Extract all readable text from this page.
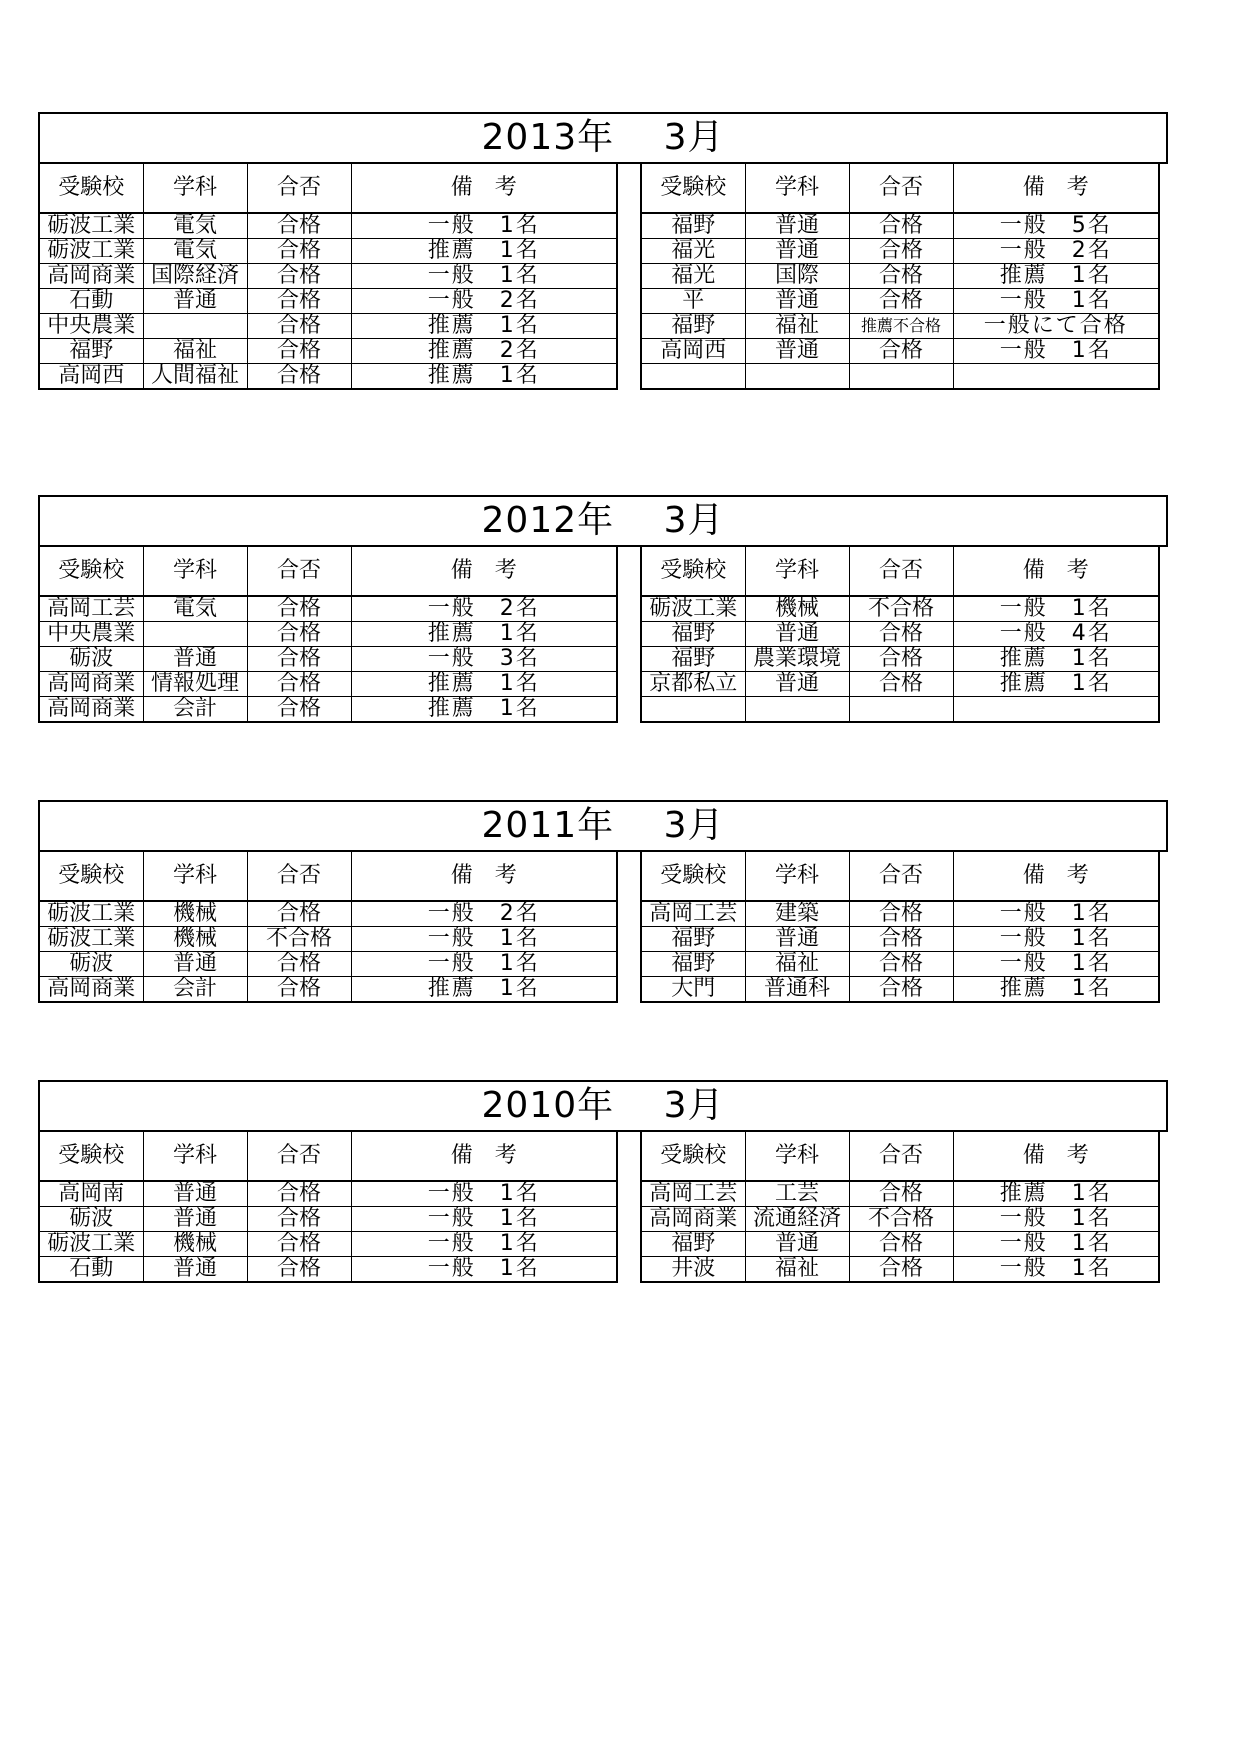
2013年　 3月
受験校	学科	合否	備　考
砺波工業	電気	合格	一般　1名
砺波工業	電気	合格	推薦　1名
高岡商業	国際経済	合格	一般　1名
石動	普通	合格	一般　2名
中央農業		合格	推薦　1名
福野	福祉	合格	推薦　2名
高岡西	人間福祉	合格	推薦　1名
受験校	学科	合否	備　考
福野	普通	合格	一般　5名
福光	普通	合格	一般　2名
福光	国際	合格	推薦　1名
平	普通	合格	一般　1名
福野	福祉	推薦不合格	一般にて合格
高岡西	普通	合格	一般　1名

2012年　 3月
受験校	学科	合否	備　考
高岡工芸	電気	合格	一般　2名
中央農業		合格	推薦　1名
砺波	普通	合格	一般　3名
高岡商業	情報処理	合格	推薦　1名
高岡商業	会計	合格	推薦　1名
受験校	学科	合否	備　考
砺波工業	機械	不合格	一般　1名
福野	普通	合格	一般　4名
福野	農業環境	合格	推薦　1名
京都私立	普通	合格	推薦　1名

2011年　 3月
受験校	学科	合否	備　考
砺波工業	機械	合格	一般　2名
砺波工業	機械	不合格	一般　1名
砺波	普通	合格	一般　1名
高岡商業	会計	合格	推薦　1名
受験校	学科	合否	備　考
高岡工芸	建築	合格	一般　1名
福野	普通	合格	一般　1名
福野	福祉	合格	一般　1名
大門	普通科	合格	推薦　1名
2010年　 3月
受験校	学科	合否	備　考
高岡南	普通	合格	一般　1名
砺波	普通	合格	一般　1名
砺波工業	機械	合格	一般　1名
石動	普通	合格	一般　1名
受験校	学科	合否	備　考
高岡工芸	工芸	合格	推薦　1名
高岡商業	流通経済	不合格	一般　1名
福野	普通	合格	一般　1名
井波	福祉	合格	一般　1名
